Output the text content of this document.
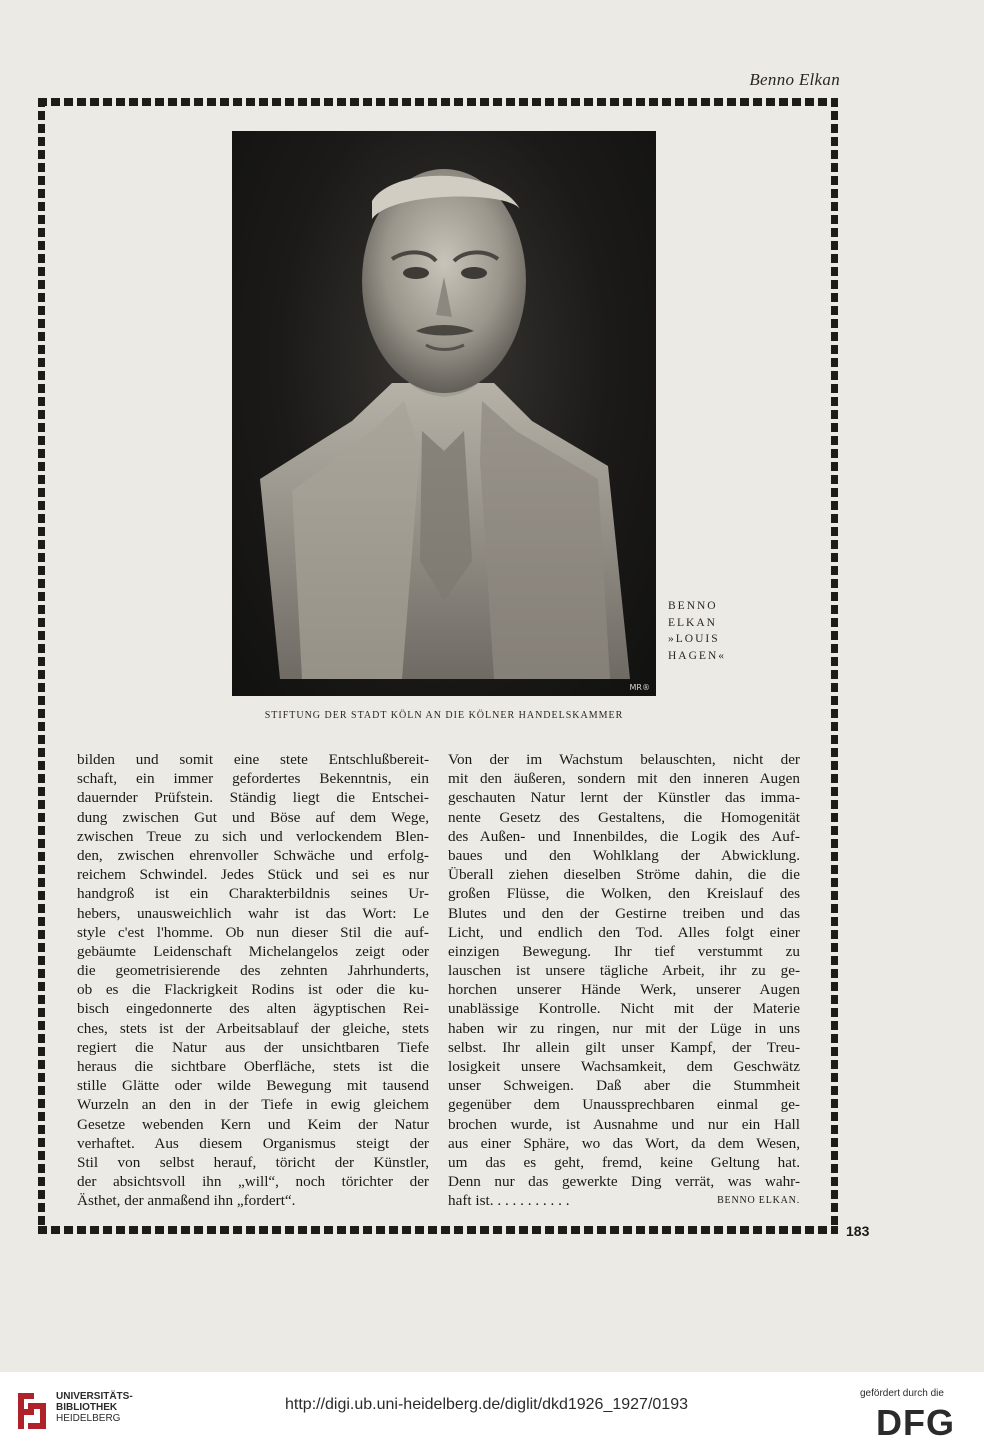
Benno Elkan
MR®
BENNO
ELKAN
»LOUIS
HAGEN«
STIFTUNG DER STADT KÖLN AN DIE KÖLNER HANDELSKAMMER
bilden und somit eine stete Entschlußbereit-
schaft, ein immer gefordertes Bekenntnis, ein
dauernder Prüfstein. Ständig liegt die Entschei-
dung zwischen Gut und Böse auf dem Wege,
zwischen Treue zu sich und verlockendem Blen-
den, zwischen ehrenvoller Schwäche und erfolg-
reichem Schwindel. Jedes Stück und sei es nur
handgroß ist ein Charakterbildnis seines Ur-
hebers, unausweichlich wahr ist das Wort: Le
style c'est l'homme. Ob nun dieser Stil die auf-
gebäumte Leidenschaft Michelangelos zeigt oder
die geometrisierende des zehnten Jahrhunderts,
ob es die Flackrigkeit Rodins ist oder die ku-
bisch eingedonnerte des alten ägyptischen Rei-
ches, stets ist der Arbeitsablauf der gleiche, stets
regiert die Natur aus der unsichtbaren Tiefe
heraus die sichtbare Oberfläche, stets ist die
stille Glätte oder wilde Bewegung mit tausend
Wurzeln an den in der Tiefe in ewig gleichem
Gesetze webenden Kern und Keim der Natur
verhaftet. Aus diesem Organismus steigt der
Stil von selbst herauf, töricht der Künstler,
der absichtsvoll ihn „will“, noch törichter der
Ästhet, der anmaßend ihn „fordert“.
Von der im Wachstum belauschten, nicht der
mit den äußeren, sondern mit den inneren Augen
geschauten Natur lernt der Künstler das imma-
nente Gesetz des Gestaltens, die Homogenität
des Außen- und Innenbildes, die Logik des Auf-
baues und den Wohlklang der Abwicklung.
Überall ziehen dieselben Ströme dahin, die die
großen Flüsse, die Wolken, den Kreislauf des
Blutes und den der Gestirne treiben und das
Licht, und endlich den Tod. Alles folgt einer
einzigen Bewegung. Ihr tief verstummt zu
lauschen ist unsere tägliche Arbeit, ihr zu ge-
horchen unserer Hände Werk, unserer Augen
unablässige Kontrolle. Nicht mit der Materie
haben wir zu ringen, nur mit der Lüge in uns
selbst. Ihr allein gilt unser Kampf, der Treu-
losigkeit unsere Wachsamkeit, dem Geschwätz
unser Schweigen. Daß aber die Stummheit
gegenüber dem Unaussprechbaren einmal ge-
brochen wurde, ist Ausnahme und nur ein Hall
aus einer Sphäre, wo das Wort, da dem Wesen,
um das es geht, fremd, keine Geltung hat.
Denn nur das gewerkte Ding verrät, was wahr-
haft ist. . . . . . . . . . .	BENNO ELKAN.
183
UNIVERSITÄTS-
BIBLIOTHEK
HEIDELBERG
http://digi.ub.uni-heidelberg.de/diglit/dkd1926_1927/0193
gefördert durch die
DFG
